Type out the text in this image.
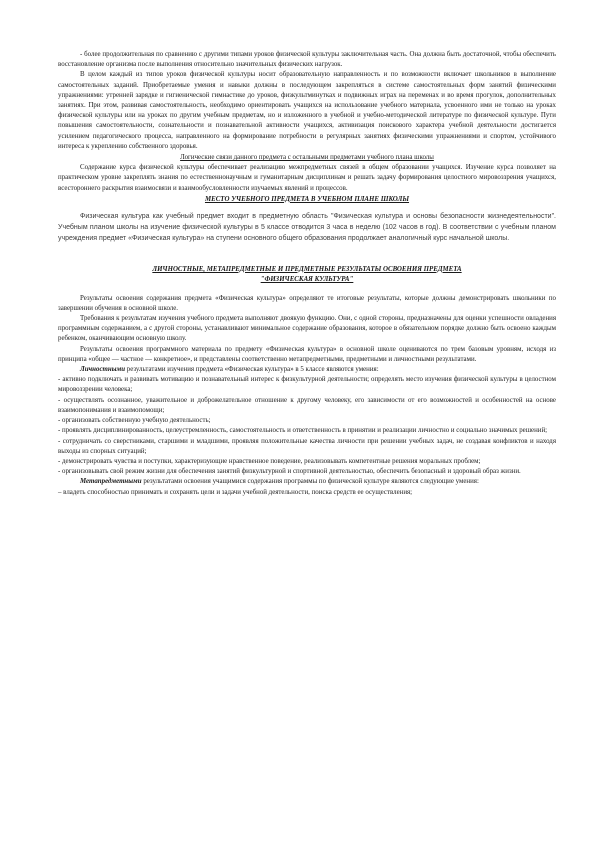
- более продолжительная по сравнению с другими типами уроков физической культуры заключительная часть. Она должна быть достаточной, чтобы обеспечить восстановление организма после выполнения относительно значительных физических нагрузок.

В целом каждый из типов уроков физической культуры носит образовательную направленность и по возможности включает школьников в выполнение самостоятельных заданий. Приобретаемые умения и навыки должны в последующем закрепляться в системе самостоятельных форм занятий физическими упражнениями: утренней зарядке и гигиенической гимнастике до уроков, физкультминутках и подвижных играх на переменах и во время прогулок, дополнительных занятиях. При этом, развивая самостоятельность, необходимо ориентировать учащихся на использование учебного материала, усвоенного ими не только на уроках физической культуры или на уроках по другим учебным предметам, но и изложенного в учебной и учебно-методической литературе по физической культуре. Пути повышения самостоятельности, сознательности и познавательной активности учащихся, активизация поискового характера учебной деятельности достигается усилением педагогического процесса, направленного на формирование потребности в регулярных занятиях физическими упражнениями и спортом, устойчивого интереса к укреплению собственного здоровья.

Логические связи данного предмета с остальными предметами учебного плана школы

Содержание курса физической культуры обеспечивает реализацию межпредметных связей в общем образовании учащихся. Изучение курса позволяет на практическом уровне закреплять знания по естественнонаучным и гуманитарным дисциплинам и решать задачу формирования целостного мировоззрения учащихся, всестороннего раскрытия взаимосвязи и взаимообусловленности изучаемых явлений и процессов.

МЕСТО УЧЕБНОГО ПРЕДМЕТА В УЧЕБНОМ ПЛАНЕ ШКОЛЫ

Физическая культура как учебный предмет входит в предметную область "Физическая культура и основы безопасности жизнедеятельности". Учебным планом школы на изучение физической культуры в 5 классе отводится 3 часа в неделю (102 часов в год). В соответствии с учебным планом учреждения предмет «Физическая культура» на ступени основного общего образования продолжает аналогичный курс начальной школы.

ЛИЧНОСТНЫЕ, МЕТАПРЕДМЕТНЫЕ И ПРЕДМЕТНЫЕ РЕЗУЛЬТАТЫ ОСВОЕНИЯ ПРЕДМЕТА
"ФИЗИЧЕСКАЯ КУЛЬТУРА"

Результаты освоения содержания предмета «Физическая культура» определяют те итоговые результаты, которые должны демонстрировать школьники по завершении обучения в основной школе.

Требования к результатам изучения учебного предмета выполняют двоякую функцию. Они, с одной стороны, предназначены для оценки успешности овладения программным содержанием, а с другой стороны, устанавливают минимальное содержание образования, которое в обязательном порядке должно быть освоено каждым ребенком, оканчивающим основную школу.

Результаты освоения программного материала по предмету «Физическая культура» в основной школе оцениваются по трем базовым уровням, исходя из принципа «общее — частное — конкретное», и представлены соответственно метапредметными, предметными и личностными результатами.

Личностными результатами изучения предмета «Физическая культура» в 5 классе являются умения:

- активно подключать и развивать мотивацию и познавательный интерес к физкультурной деятельности; определять место изучения физической культуры в целостном мировоззрении человека;

- осуществлять осознанное, уважительное и доброжелательное отношение к другому человеку, его зависимости от его возможностей и особенностей на основе взаимопонимания и взаимопомощи;

- организовать собственную учебную деятельность;

- проявлять дисциплинированность, целеустремленность, самостоятельность и ответственность в принятии и реализации личностно и социально значимых решений;

- сотрудничать со сверстниками, старшими и младшими, проявляя положительные качества личности при решении учебных задач, не создавая конфликтов и находя выходы из спорных ситуаций;

- демонстрировать чувства и поступки, характеризующие нравственное поведение, реализовывать компетентные решения моральных проблем;

- организовывать свой режим жизни для обеспечения занятий физкультурной и спортивной деятельностью, обеспечить безопасный и здоровый образ жизни.

Метапредметными результатами освоения учащимися содержания программы по физической культуре являются следующие умения:

– владеть способностью принимать и сохранять цели и задачи учебной деятельности, поиска средств ее осуществления;
